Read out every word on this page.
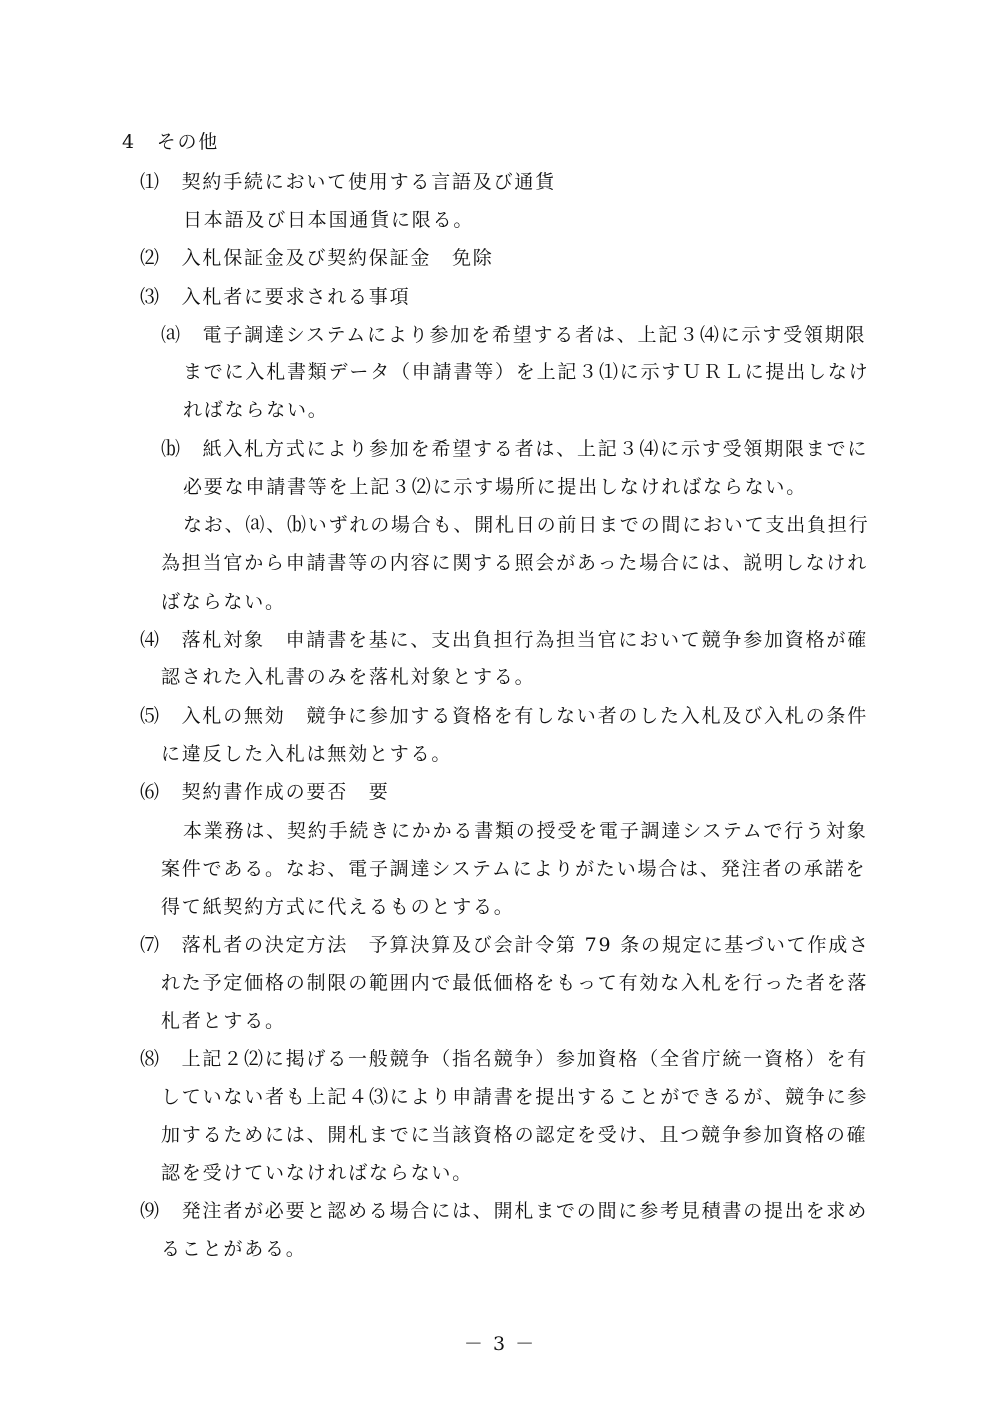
4　その他
⑴　契約手続において使用する言語及び通貨
日本語及び日本国通貨に限る。
⑵　入札保証金及び契約保証金　免除
⑶　入札者に要求される事項
⒜　電子調達システムにより参加を希望する者は、上記３⑷に示す受領期限
までに入札書類データ（申請書等）を上記３⑴に示すＵＲＬに提出しなけ
ればならない。
⒝　紙入札方式により参加を希望する者は、上記３⑷に示す受領期限までに
必要な申請書等を上記３⑵に示す場所に提出しなければならない。
なお、⒜、⒝いずれの場合も、開札日の前日までの間において支出負担行
為担当官から申請書等の内容に関する照会があった場合には、説明しなけれ
ばならない。
⑷　落札対象　申請書を基に、支出負担行為担当官において競争参加資格が確
認された入札書のみを落札対象とする。
⑸　入札の無効　競争に参加する資格を有しない者のした入札及び入札の条件
に違反した入札は無効とする。
⑹　契約書作成の要否　要
本業務は、契約手続きにかかる書類の授受を電子調達システムで行う対象
案件である。なお、電子調達システムによりがたい場合は、発注者の承諾を
得て紙契約方式に代えるものとする。
⑺　落札者の決定方法　予算決算及び会計令第 79 条の規定に基づいて作成さ
れた予定価格の制限の範囲内で最低価格をもって有効な入札を行った者を落
札者とする。
⑻　上記２⑵に掲げる一般競争（指名競争）参加資格（全省庁統一資格）を有
していない者も上記４⑶により申請書を提出することができるが、競争に参
加するためには、開札までに当該資格の認定を受け、且つ競争参加資格の確
認を受けていなければならない。
⑼　発注者が必要と認める場合には、開札までの間に参考見積書の提出を求め
ることがある。
－ 3 －
